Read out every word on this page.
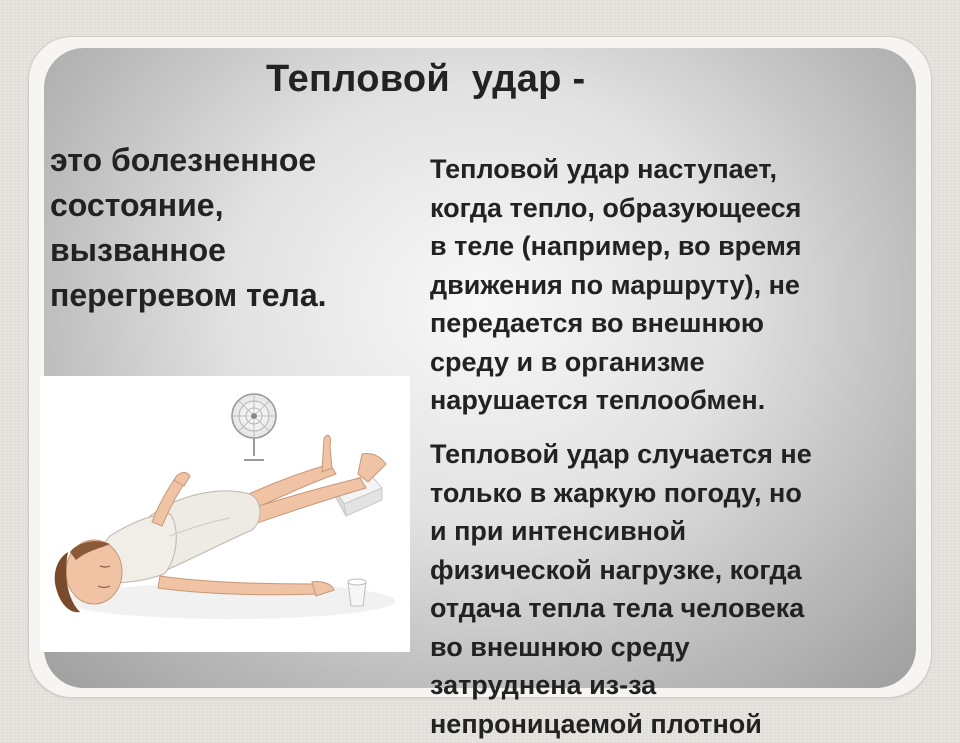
Тепловой  удар -

это болезненное
состояние,
вызванное
перегревом тела.

Тепловой удар наступает,
когда тепло, образующееся
в теле (например, во время
движения по маршруту), не
передается во внешнюю
среду и в организме
нарушается теплообмен.

Тепловой удар случается не
только в жаркую погоду, но
и при интенсивной
физической нагрузке, когда
отдача тепла тела человека
во внешнюю среду
затруднена из-за
непроницаемой плотной
